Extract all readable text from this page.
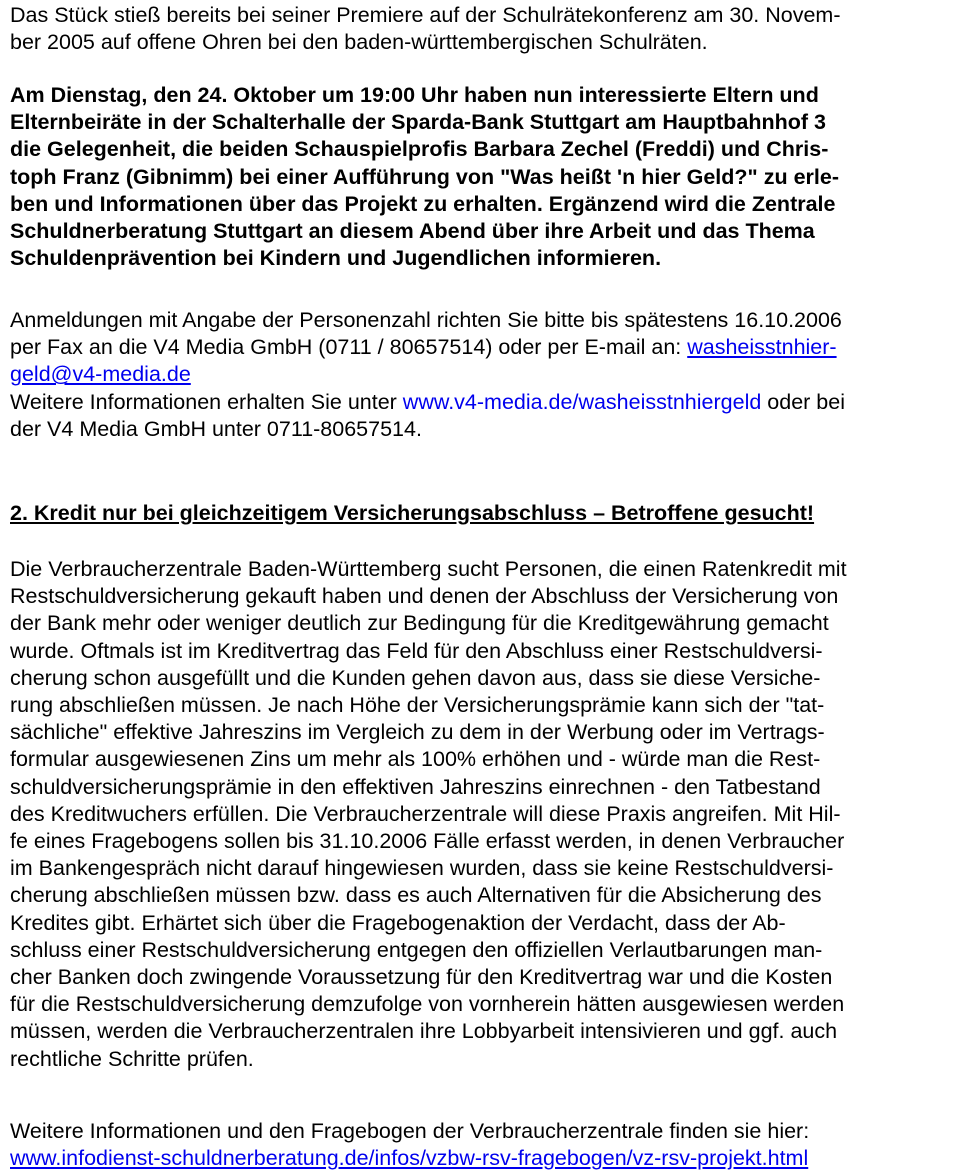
Das Stück stieß bereits bei seiner Premiere auf der Schulrätekonferenz am 30. Novem-
ber 2005 auf offene Ohren bei den baden-württembergischen Schulräten.
Am Dienstag, den 24. Oktober um 19:00 Uhr haben nun interessierte Eltern und
Elternbeiräte in der Schalterhalle der Sparda-Bank Stuttgart am Hauptbahnhof 3
die Gelegenheit, die beiden Schauspielprofis Barbara Zechel (Freddi) und Chris-
toph Franz (Gibnimm) bei einer Aufführung von "Was heißt 'n hier Geld?" zu erle-
ben und Informationen über das Projekt zu erhalten. Ergänzend wird die Zentrale
Schuldnerberatung Stuttgart an diesem Abend über ihre Arbeit und das Thema
Schuldenprävention bei Kindern und Jugendlichen informieren.
Anmeldungen mit Angabe der Personenzahl richten Sie bitte bis spätestens 16.10.2006
per Fax an die V4 Media GmbH (0711 / 80657514) oder per E-mail an: washeisstnhier-
geld@v4-media.de
Weitere Informationen erhalten Sie unter www.v4-media.de/washeisstnhiergeld oder bei
der V4 Media GmbH unter 0711-80657514.
2. Kredit nur bei gleichzeitigem Versicherungsabschluss – Betroffene gesucht!
Die Verbraucherzentrale Baden-Württemberg sucht Personen, die einen Ratenkredit mit
Restschuldversicherung gekauft haben und denen der Abschluss der Versicherung von
der Bank mehr oder weniger deutlich zur Bedingung für die Kreditgewährung gemacht
wurde. Oftmals ist im Kreditvertrag das Feld für den Abschluss einer Restschuldversi-
cherung schon ausgefüllt und die Kunden gehen davon aus, dass sie diese Versiche-
rung abschließen müssen. Je nach Höhe der Versicherungsprämie kann sich der "tat-
sächliche" effektive Jahreszins im Vergleich zu dem in der Werbung oder im Vertrags-
formular ausgewiesenen Zins um mehr als 100% erhöhen und - würde man die Rest-
schuldversicherungsprämie in den effektiven Jahreszins einrechnen - den Tatbestand
des Kreditwuchers erfüllen. Die Verbraucherzentrale will diese Praxis angreifen. Mit Hil-
fe eines Fragebogens sollen bis 31.10.2006 Fälle erfasst werden, in denen Verbraucher
im Bankengespräch nicht darauf hingewiesen wurden, dass sie keine Restschuldversi-
cherung abschließen müssen bzw. dass es auch Alternativen für die Absicherung des
Kredites gibt. Erhärtet sich über die Fragebogenaktion der Verdacht, dass der Ab-
schluss einer Restschuldversicherung entgegen den offiziellen Verlautbarungen man-
cher Banken doch zwingende Voraussetzung für den Kreditvertrag war und die Kosten
für die Restschuldversicherung demzufolge von vornherein hätten ausgewiesen werden
müssen, werden die Verbraucherzentralen ihre Lobbyarbeit intensivieren und ggf. auch
rechtliche Schritte prüfen.
Weitere Informationen und den Fragebogen der Verbraucherzentrale finden sie hier:
www.infodienst-schuldnerberatung.de/infos/vzbw-rsv-fragebogen/vz-rsv-projekt.html
